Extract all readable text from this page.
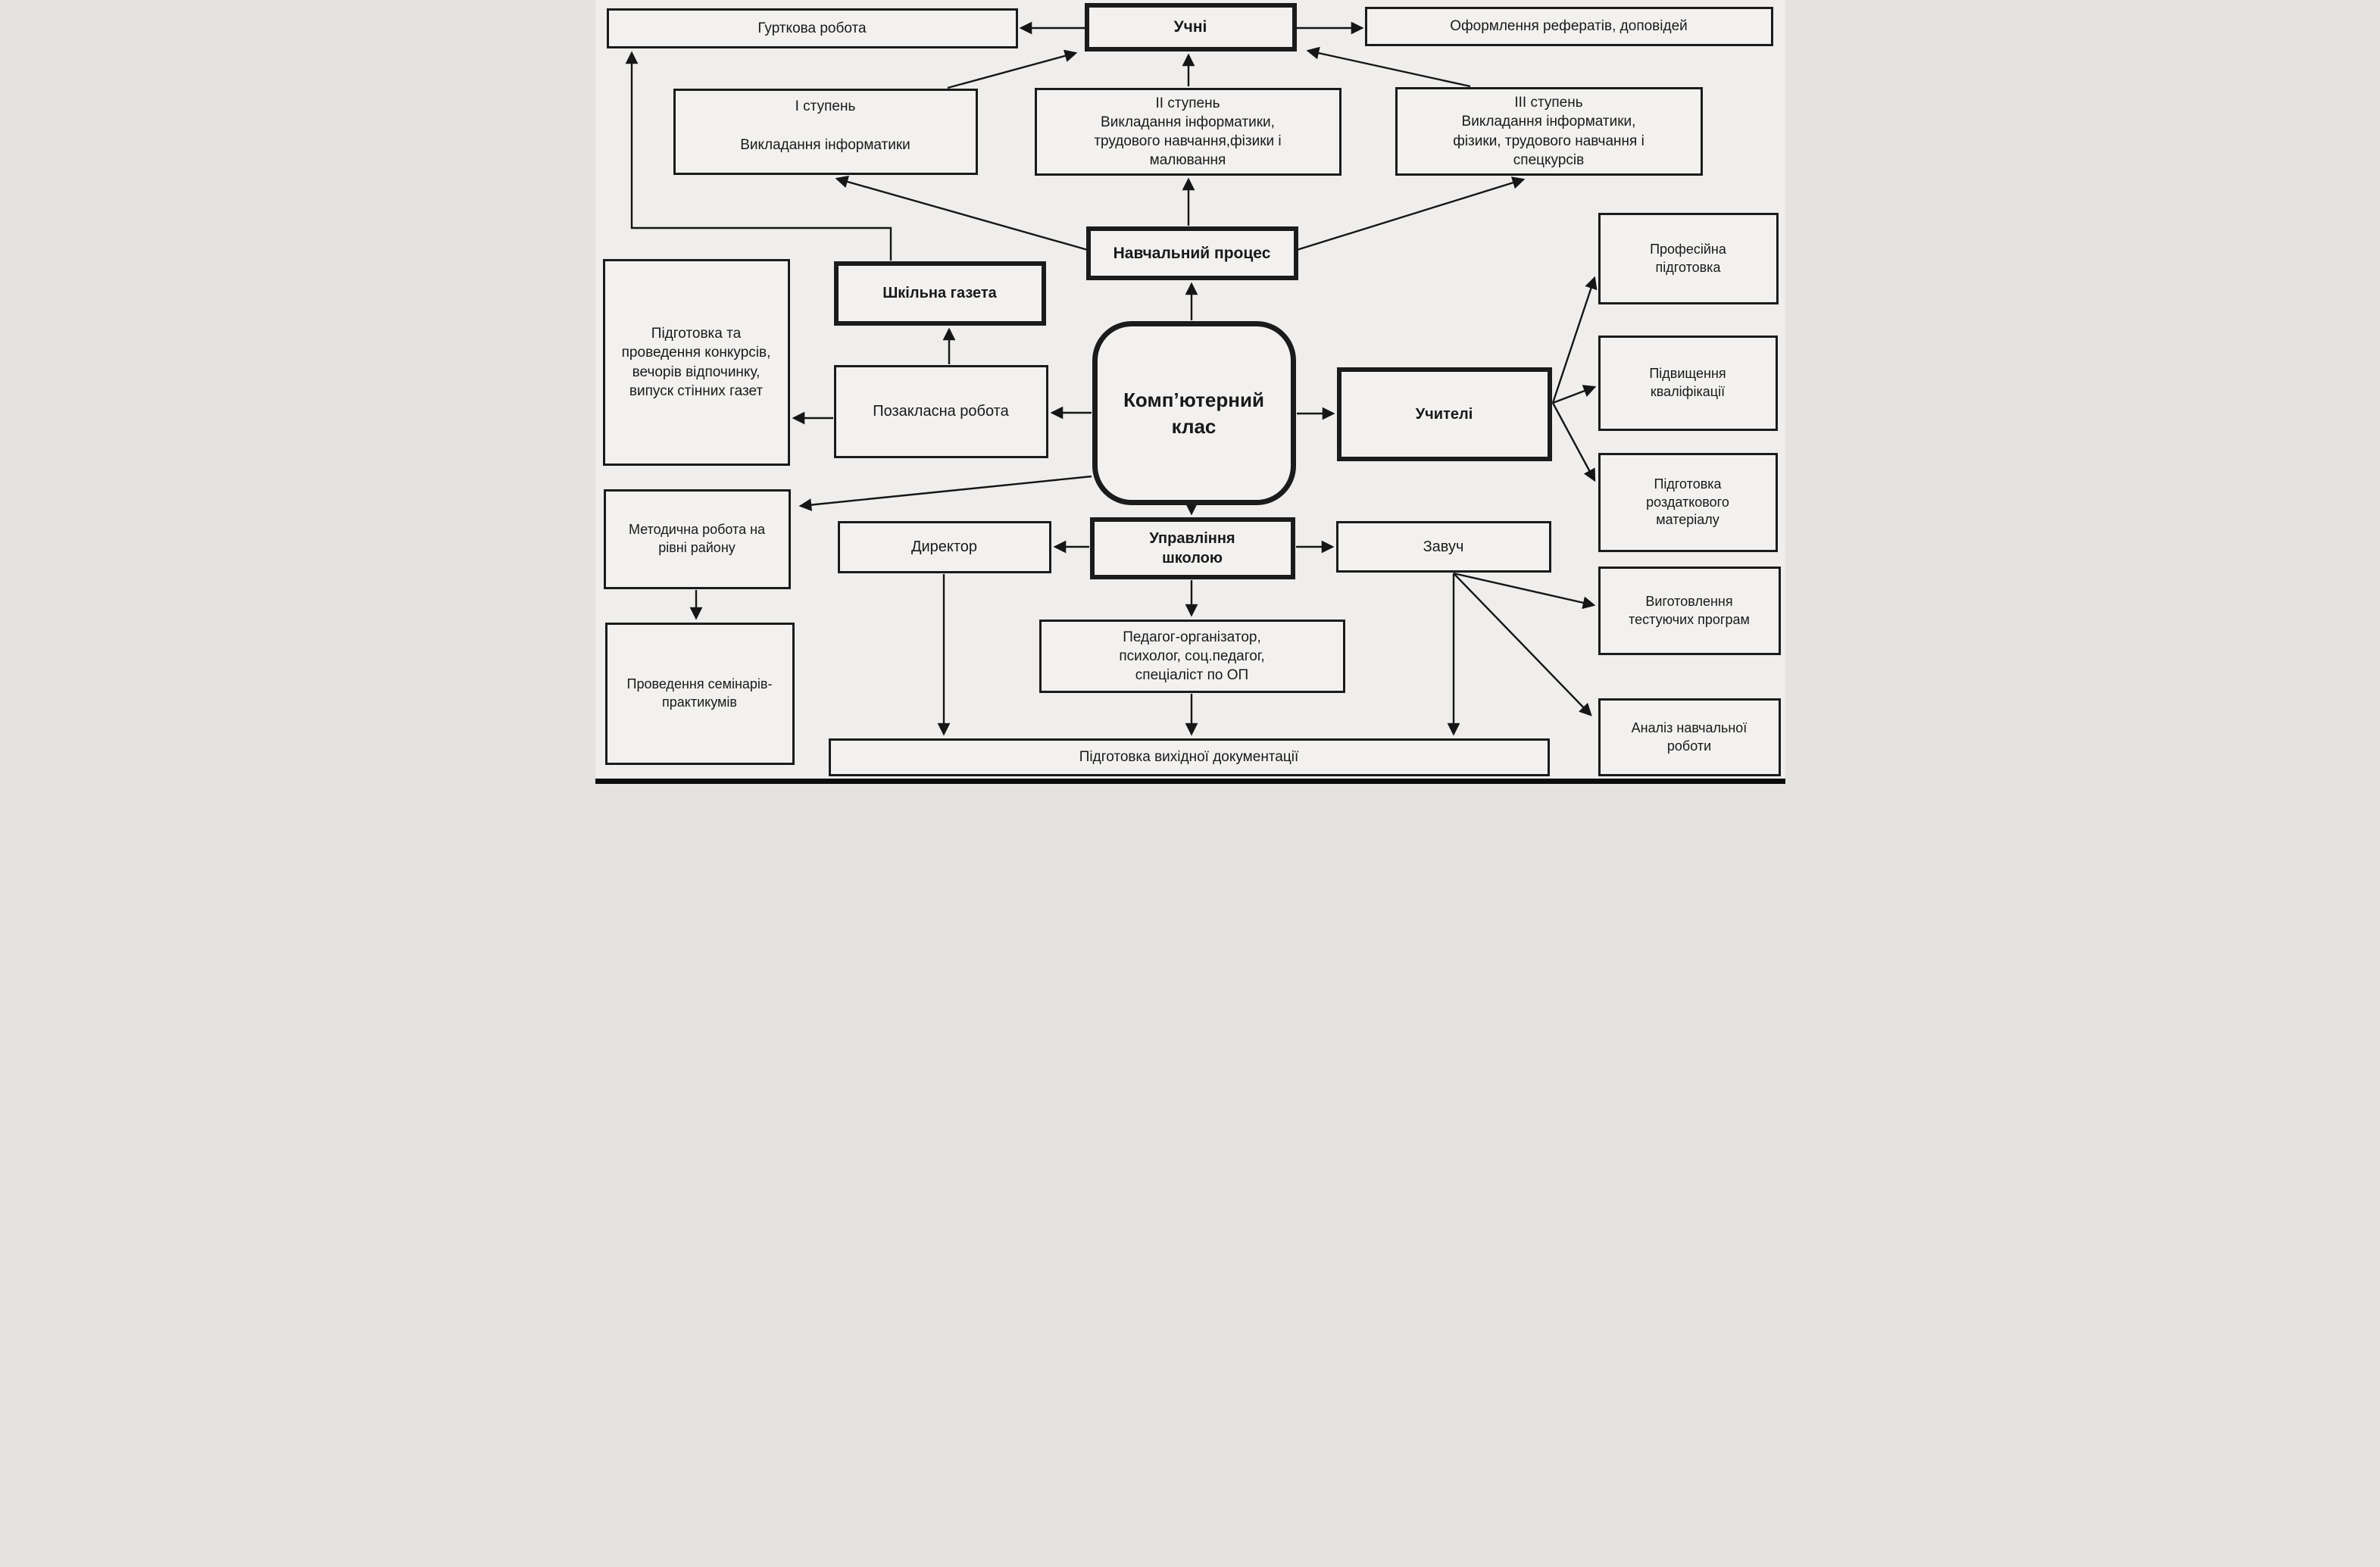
Гурткова робота	Учні	Оформлення рефератів, доповідей
І ступень
Викладання інформатики
ІІ ступень
Викладання інформатики, трудового навчання,фізики і малювання
ІІІ ступень
Викладання інформатики, фізики, трудового навчання і спецкурсів
Навчальний процес
Шкільна газета
Комп’ютерний клас
Підготовка та проведення конкурсів, вечорів відпочинку, випуск стінних газет
Позакласна робота	Учителі
Професійна підготовка
Підвищення кваліфікації
Підготовка роздаткового матеріалу
Методична робота на рівні району	Директор
Управління школою
Завуч
Виготовлення тестуючих програм
Аналіз навчальної роботи
Педагог-організатор, психолог, соц.педагог, спеціаліст по ОП
Проведення семінарів-практикумів
Підготовка вихідної документації
